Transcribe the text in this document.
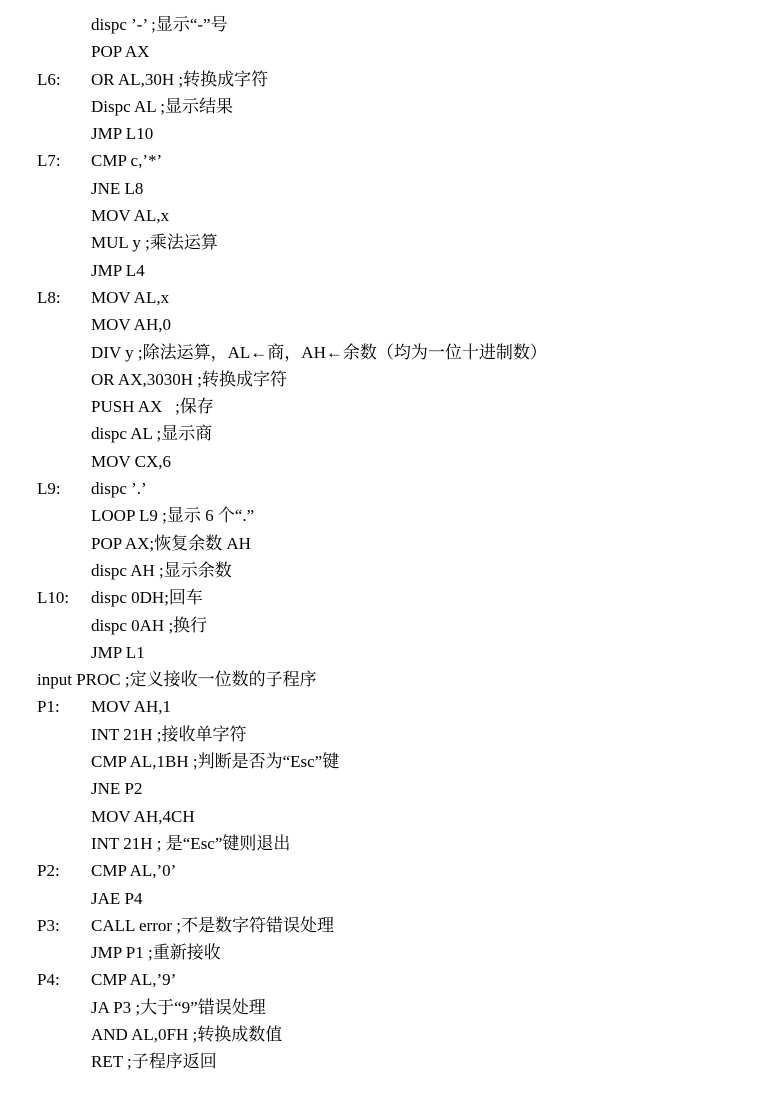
dispc ’-’ ;显示“-”号
POP AX
L6: OR AL,30H ;转换成字符
Dispc AL ;显示结果
JMP L10
L7: CMP c,’*’
JNE L8
MOV AL,x
MUL y ;乘法运算
JMP L4
L8: MOV AL,x
MOV AH,0
DIV y ;除法运算，AL←商，AH←余数（均为一位十进制数）
OR AX,3030H ;转换成字符
PUSH AX   ;保存
dispc AL ;显示商
MOV CX,6
L9: dispc ’.’
LOOP L9 ;显示 6 个“.”
POP AX;恢复余数 AH
dispc AH ;显示余数
L10: dispc 0DH;回车
dispc 0AH ;换行
JMP L1
input PROC ;定义接收一位数的子程序
P1: MOV AH,1
INT 21H ;接收单字符
CMP AL,1BH ;判断是否为“Esc”键
JNE P2
MOV AH,4CH
INT 21H ; 是“Esc”键则退出
P2: CMP AL,’0’
JAE P4
P3: CALL error ;不是数字符错误处理
JMP P1 ;重新接收
P4: CMP AL,’9’
JA P3 ;大于“9”错误处理
AND AL,0FH ;转换成数值
RET ;子程序返回
